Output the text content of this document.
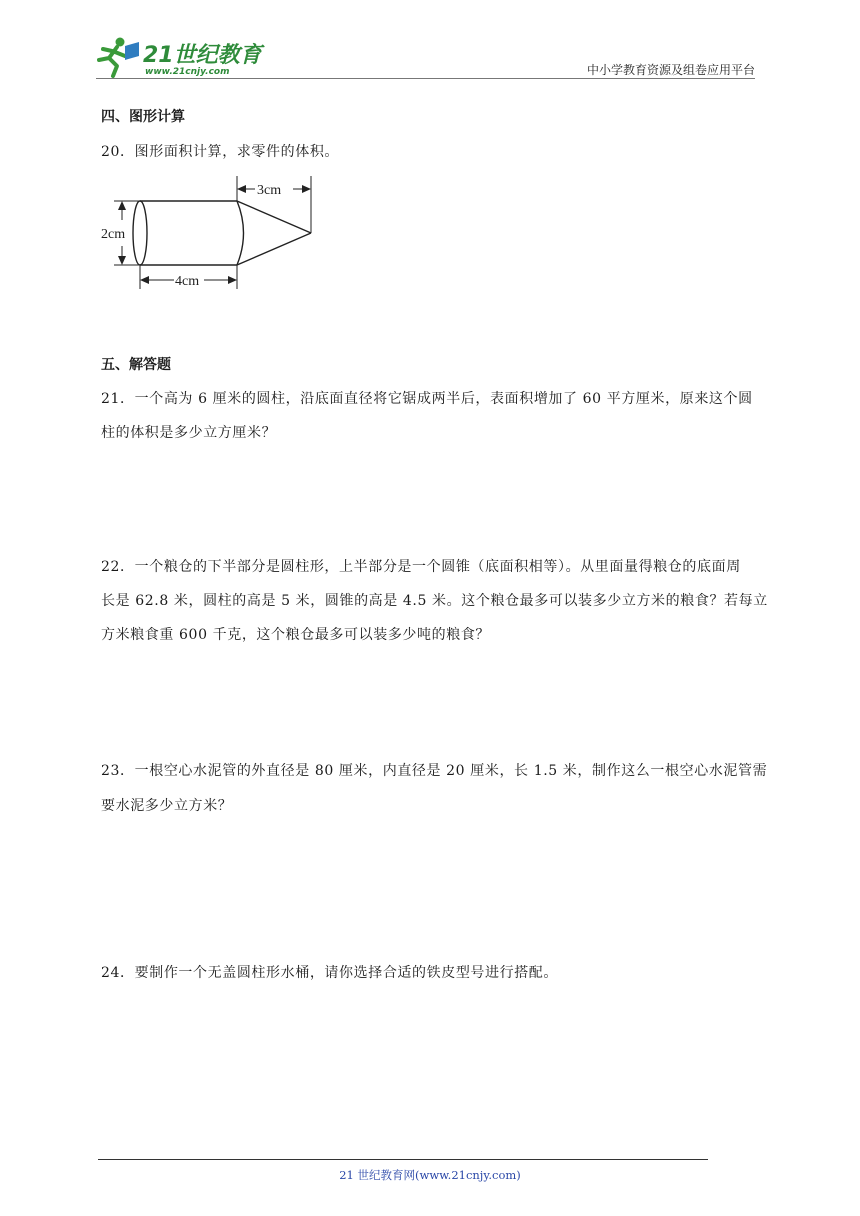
21世纪教育
www.21cnjy.com	中小学教育资源及组卷应用平台
四、图形计算
20．图形面积计算，求零件的体积。
2cm
4cm
3cm
五、解答题
21．一个高为 6 厘米的圆柱，沿底面直径将它锯成两半后，表面积增加了 60 平方厘米，原来这个圆
柱的体积是多少立方厘米？
22．一个粮仓的下半部分是圆柱形，上半部分是一个圆锥（底面积相等）。从里面量得粮仓的底面周
长是 62.8 米，圆柱的高是 5 米，圆锥的高是 4.5 米。这个粮仓最多可以装多少立方米的粮食？若每立
方米粮食重 600 千克，这个粮仓最多可以装多少吨的粮食？
23．一根空心水泥管的外直径是 80 厘米，内直径是 20 厘米，长 1.5 米，制作这么一根空心水泥管需
要水泥多少立方米？
24．要制作一个无盖圆柱形水桶，请你选择合适的铁皮型号进行搭配。
21 世纪教育网(www.21cnjy.com)
